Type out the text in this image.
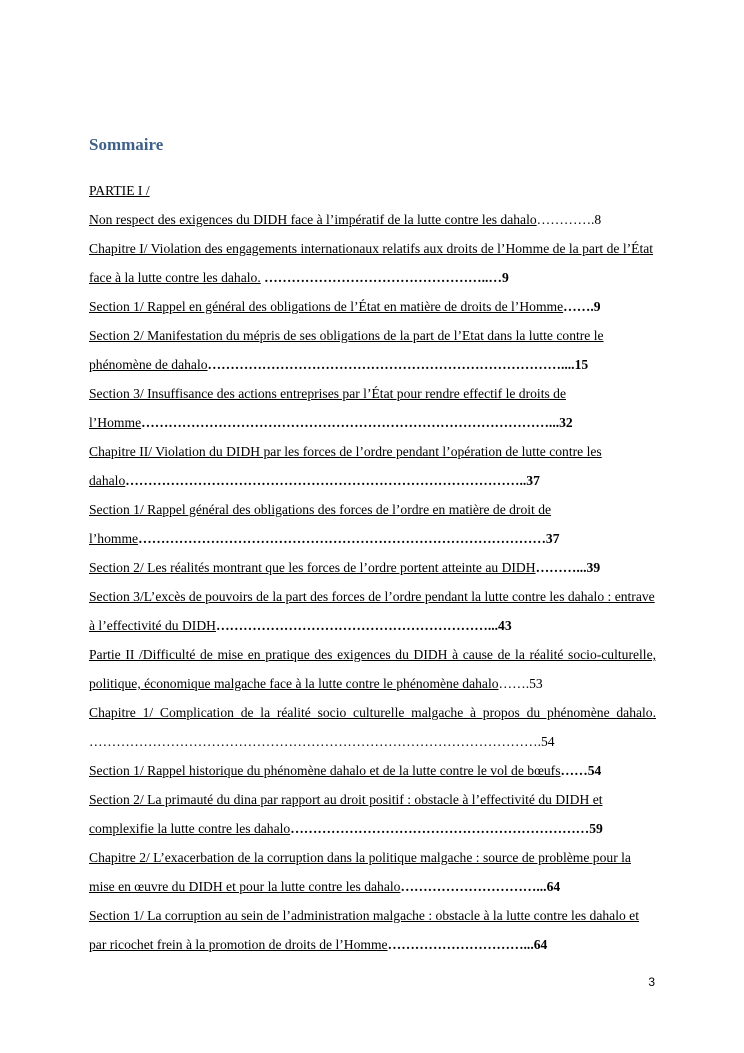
Sommaire

PARTIE I /

Non respect des exigences du DIDH face à l’impératif de la lutte contre les dahalo………….8

Chapitre I/ Violation des engagements internationaux relatifs aux droits de l’Homme de la part de l’État face à la lutte contre les dahalo. …………………………………………..…9

Section 1/ Rappel en général des obligations de l’État en matière de droits de l’Homme…….9

Section 2/ Manifestation du mépris de ses obligations de la part de l’Etat dans la lutte contre le phénomène de dahalo……………………………………………………………………....15

Section 3/ Insuffisance des actions entreprises par l’État pour rendre effectif le droits de l’Homme………………………………………………………………………………...32

Chapitre II/ Violation du DIDH par les forces de l’ordre pendant l’opération de lutte contre les dahalo……………………………………………………………………………..37

Section 1/ Rappel général des obligations des forces de l’ordre en matière de droit de l’homme………………………………………………………………………………37

Section 2/ Les réalités montrant que les forces de l’ordre portent atteinte au DIDH………...39

Section 3/L’excès de pouvoirs de la part des forces de l’ordre pendant la lutte contre les dahalo : entrave à l’effectivité du DIDH……………………………………………………...43

Partie II /Difficulté de mise en pratique des exigences du DIDH à cause de la réalité socio-culturelle, politique, économique malgache face à la lutte contre le phénomène dahalo…….53

Chapitre 1/ Complication de la réalité socio culturelle malgache à propos du phénomène dahalo. ……………………………………………………………………………………….54

Section 1/ Rappel historique du phénomène dahalo et de la lutte contre le vol de bœufs……54

Section 2/ La primauté du dina par rapport au droit positif : obstacle à l’effectivité du DIDH et complexifie la lutte contre les dahalo…………………………………………………………59

Chapitre 2/ L’exacerbation de la corruption dans la politique malgache : source de problème pour la mise en œuvre du DIDH et pour la lutte contre les dahalo…………………………...64

Section 1/ La corruption au sein de l’administration malgache : obstacle à la lutte contre les dahalo et par ricochet frein à la promotion de droits de l’Homme…………………………...64

3
